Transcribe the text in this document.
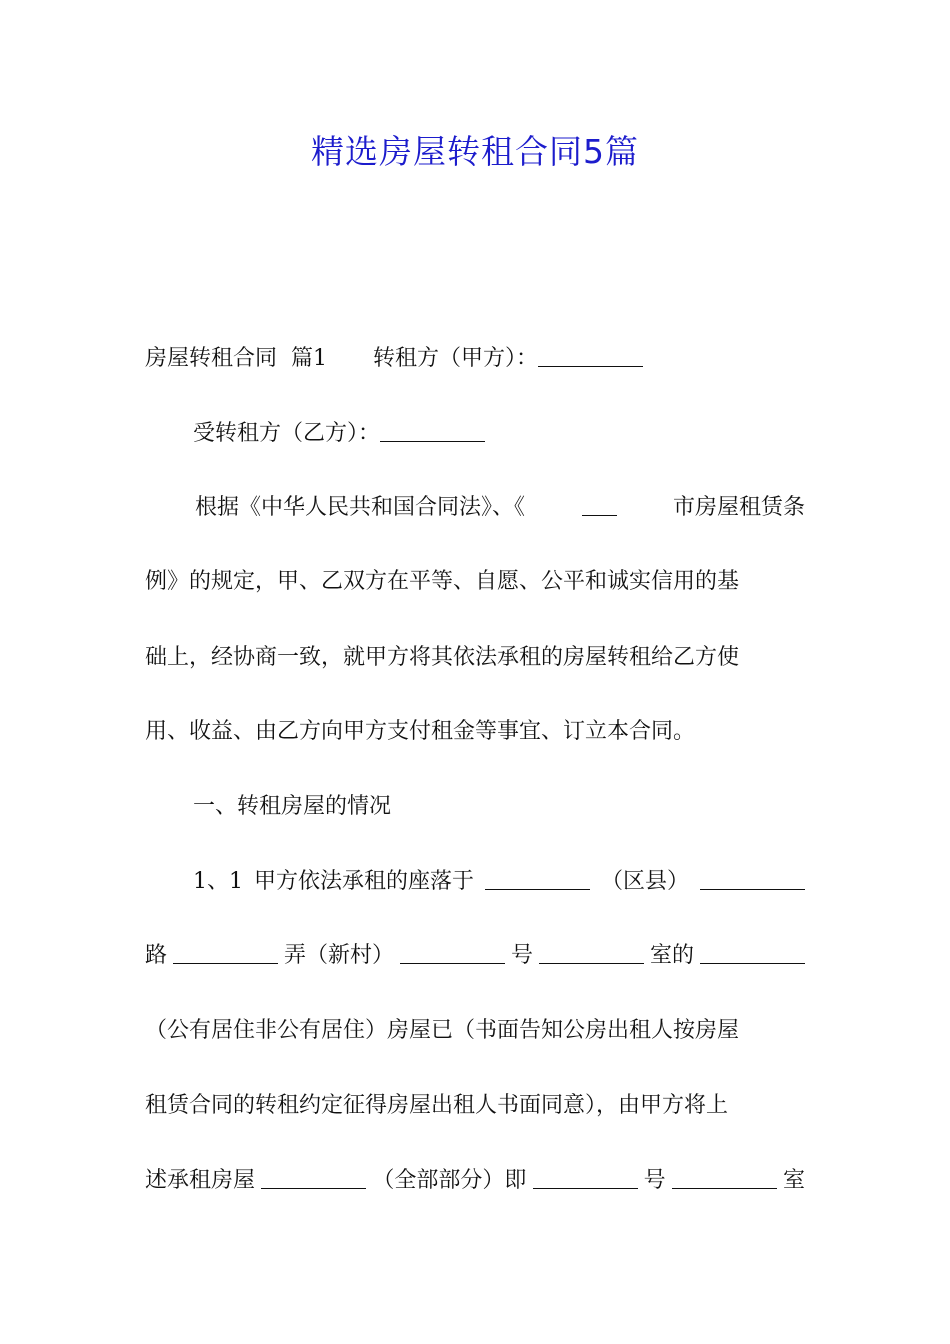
精选房屋转租合同5篇
房屋转租合同 篇1 转租方（甲方）：
受转租方（乙方）：
根据《中华人民共和国合同法》、《	市房屋租赁条
例》的规定，甲、乙双方在平等、自愿、公平和诚实信用的基
础上，经协商一致，就甲方将其依法承租的房屋转租给乙方使
用、收益、由乙方向甲方支付租金等事宜、订立本合同。
一、转租房屋的情况
1、1 甲方依法承租的座落于	（区县）
路	弄（新村）	号	室的
（公有居住非公有居住）房屋已（书面告知公房出租人按房屋
租赁合同的转租约定征得房屋出租人书面同意），由甲方将上
述承租房屋	（全部部分）即	号	室
